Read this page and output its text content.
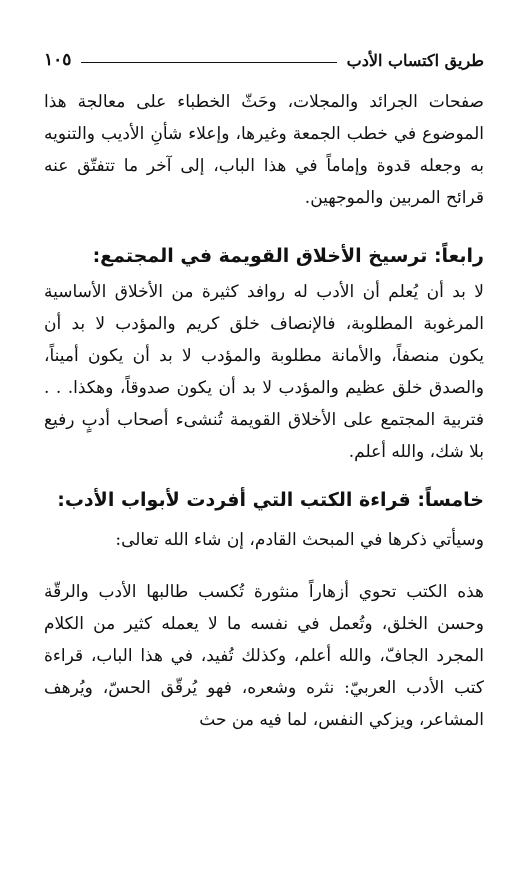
طريق اكتساب الأدب
١٠٥

صفحات الجرائد والمجلات، وحَثّ الخطباء على معالجة هذا الموضوع في خطب الجمعة وغيرها، وإعلاء شأنِ الأديب والتنويه به وجعله قدوة وإماماً في هذا الباب، إلى آخر ما تتفتّق عنه قرائح المربين والموجهين.

رابعاً: ترسيخ الأخلاق القويمة في المجتمع:

لا بد أن يُعلم أن الأدب له روافد كثيرة من الأخلاق الأساسية المرغوبة المطلوبة، فالإنصاف خلق كريم والمؤدب لا بد أن يكون منصفاً، والأمانة مطلوبة والمؤدب لا بد أن يكون أميناً، والصدق خلق عظيم والمؤدب لا بد أن يكون صدوقاً، وهكذا. . . فتربية المجتمع على الأخلاق القويمة تُنشىء أصحاب أدبٍ رفيع بلا شك، والله أعلم.

خامساً: قراءة الكتب التي أفردت لأبواب الأدب:

وسيأتي ذكرها في المبحث القادم، إن شاء الله تعالى:

هذه الكتب تحوي أزهاراً منثورة تُكسب طالبها الأدب والرقّة وحسن الخلق، وتُعمل في نفسه ما لا يعمله كثير من الكلام المجرد الجافّ، والله أعلم، وكذلك تُفيد، في هذا الباب، قراءة كتب الأدب العربيّ: نثره وشعره، فهو يُرقّق الحسّ، ويُرهف المشاعر، ويزكي النفس، لما فيه من حث
